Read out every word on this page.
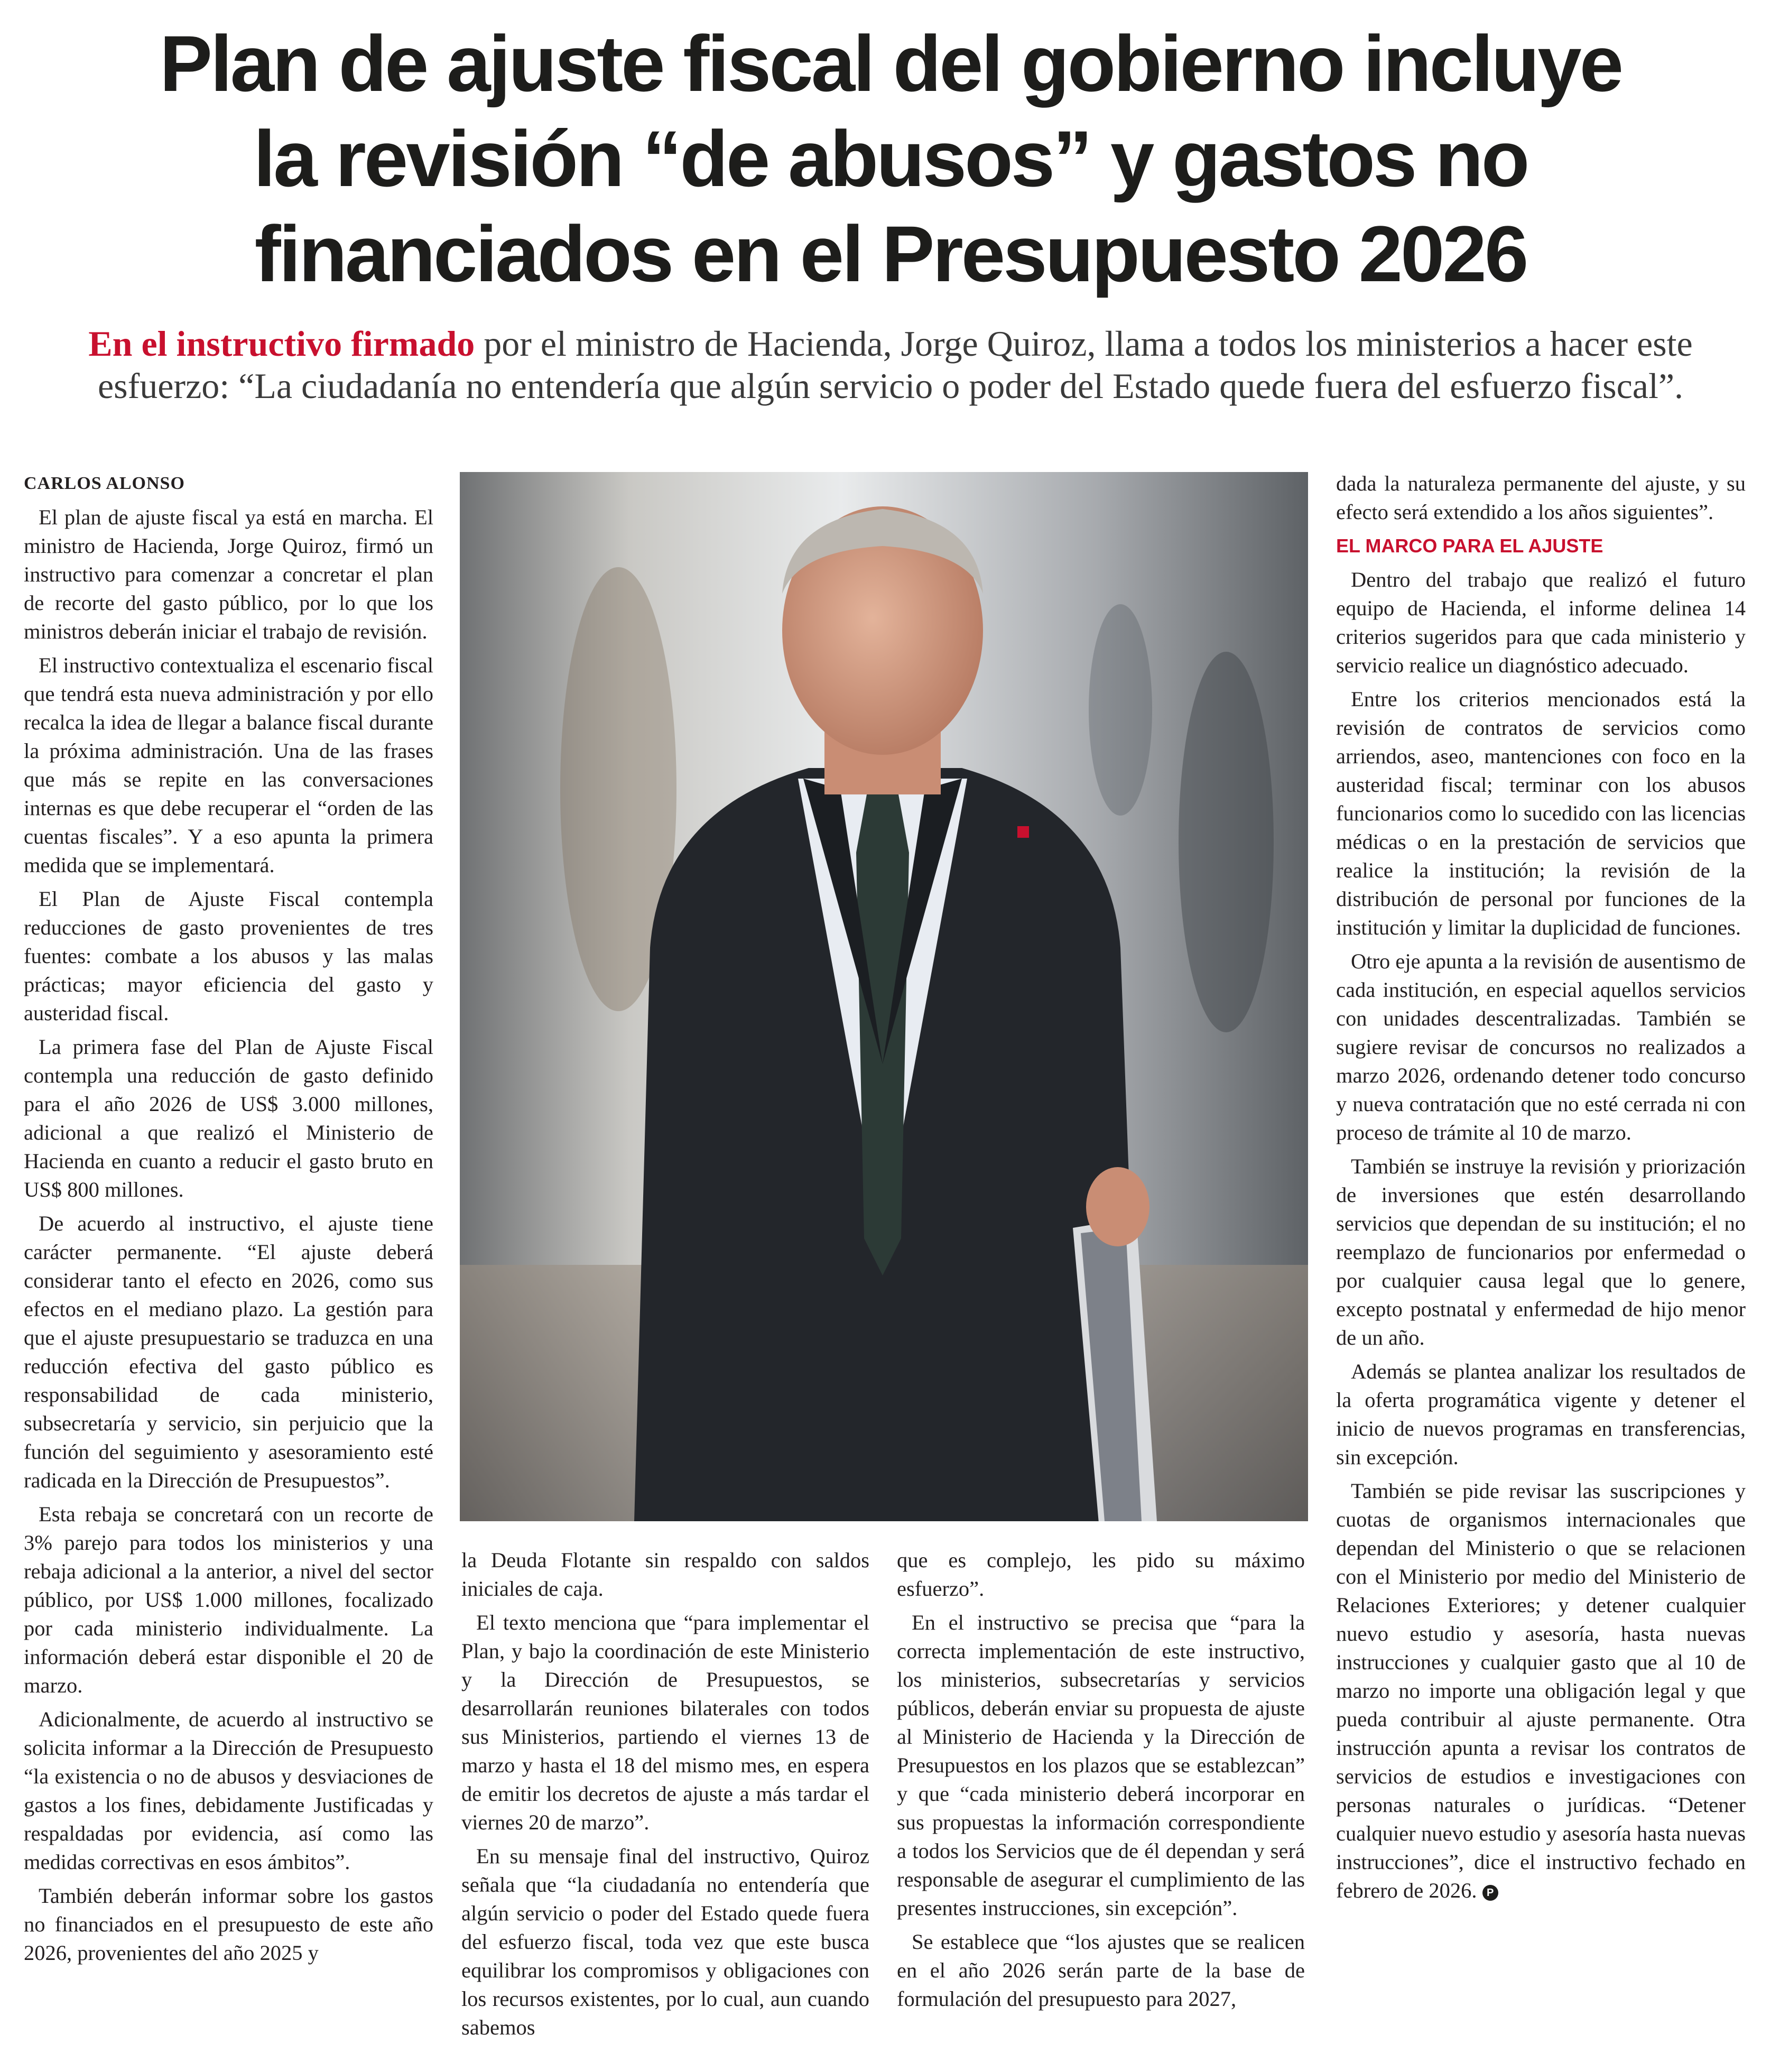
Plan de ajuste fiscal del gobierno incluye
la revisión “de abusos” y gastos no
financiados en el Presupuesto 2026

En el instructivo firmado por el ministro de Hacienda, Jorge Quiroz, llama a todos los ministerios a hacer este esfuerzo: “La ciudadanía no entendería que algún servicio o poder del Estado quede fuera del esfuerzo fiscal”.

CARLOS ALONSO

El plan de ajuste fiscal ya está en marcha. El ministro de Hacienda, Jorge Quiroz, firmó un instructivo para comenzar a concretar el plan de recorte del gasto público, por lo que los ministros deberán iniciar el trabajo de revisión.

El instructivo contextualiza el escenario fiscal que tendrá esta nueva administración y por ello recalca la idea de llegar a balance fiscal durante la próxima administración. Una de las frases que más se repite en las conversaciones internas es que debe recuperar el “orden de las cuentas fiscales”. Y a eso apunta la primera medida que se implementará.

El Plan de Ajuste Fiscal contempla reducciones de gasto provenientes de tres fuentes: combate a los abusos y las malas prácticas; mayor eficiencia del gasto y austeridad fiscal.

La primera fase del Plan de Ajuste Fiscal contempla una reducción de gasto definido para el año 2026 de US$ 3.000 millones, adicional a que realizó el Ministerio de Hacienda en cuanto a reducir el gasto bruto en US$ 800 millones.

De acuerdo al instructivo, el ajuste tiene carácter permanente. “El ajuste deberá considerar tanto el efecto en 2026, como sus efectos en el mediano plazo. La gestión para que el ajuste presupuestario se traduzca en una reducción efectiva del gasto público es responsabilidad de cada ministerio, subsecretaría y servicio, sin perjuicio que la función del seguimiento y asesoramiento esté radicada en la Dirección de Presupuestos”.

Esta rebaja se concretará con un recorte de 3% parejo para todos los ministerios y una rebaja adicional a la anterior, a nivel del sector público, por US$ 1.000 millones, focalizado por cada ministerio individualmente. La información deberá estar disponible el 20 de marzo.

Adicionalmente, de acuerdo al instructivo se solicita informar a la Dirección de Presupuesto “la existencia o no de abusos y desviaciones de gastos a los fines, debidamente Justificadas y respaldadas por evidencia, así como las medidas correctivas en esos ámbitos”.

También deberán informar sobre los gastos no financiados en el presupuesto de este año 2026, provenientes del año 2025 y

la Deuda Flotante sin respaldo con saldos iniciales de caja.

El texto menciona que “para implementar el Plan, y bajo la coordinación de este Ministerio y la Dirección de Presupuestos, se desarrollarán reuniones bilaterales con todos sus Ministerios, partiendo el viernes 13 de marzo y hasta el 18 del mismo mes, en espera de emitir los decretos de ajuste a más tardar el viernes 20 de marzo”.

En su mensaje final del instructivo, Quiroz señala que “la ciudadanía no entendería que algún servicio o poder del Estado quede fuera del esfuerzo fiscal, toda vez que este busca equilibrar los compromisos y obligaciones con los recursos existentes, por lo cual, aun cuando sabemos

que es complejo, les pido su máximo esfuerzo”.

En el instructivo se precisa que “para la correcta implementación de este instructivo, los ministerios, subsecretarías y servicios públicos, deberán enviar su propuesta de ajuste al Ministerio de Hacienda y la Dirección de Presupuestos en los plazos que se establezcan” y que “cada ministerio deberá incorporar en sus propuestas la información correspondiente a todos los Servicios que de él dependan y será responsable de asegurar el cumplimiento de las presentes instrucciones, sin excepción”.

Se establece que “los ajustes que se realicen en el año 2026 serán parte de la base de formulación del presupuesto para 2027,

dada la naturaleza permanente del ajuste, y su efecto será extendido a los años siguientes”.

EL MARCO PARA EL AJUSTE

Dentro del trabajo que realizó el futuro equipo de Hacienda, el informe delinea 14 criterios sugeridos para que cada ministerio y servicio realice un diagnóstico adecuado.

Entre los criterios mencionados está la revisión de contratos de servicios como arriendos, aseo, mantenciones con foco en la austeridad fiscal; terminar con los abusos funcionarios como lo sucedido con las licencias médicas o en la prestación de servicios que realice la institución; la revisión de la distribución de personal por funciones de la institución y limitar la duplicidad de funciones.

Otro eje apunta a la revisión de ausentismo de cada institución, en especial aquellos servicios con unidades descentralizadas. También se sugiere revisar de concursos no realizados a marzo 2026, ordenando detener todo concurso y nueva contratación que no esté cerrada ni con proceso de trámite al 10 de marzo.

También se instruye la revisión y priorización de inversiones que estén desarrollando servicios que dependan de su institución; el no reemplazo de funcionarios por enfermedad o por cualquier causa legal que lo genere, excepto postnatal y enfermedad de hijo menor de un año.

Además se plantea analizar los resultados de la oferta programática vigente y detener el inicio de nuevos programas en transferencias, sin excepción.

También se pide revisar las suscripciones y cuotas de organismos internacionales que dependan del Ministerio o que se relacionen con el Ministerio por medio del Ministerio de Relaciones Exteriores; y detener cualquier nuevo estudio y asesoría, hasta nuevas instrucciones y cualquier gasto que al 10 de marzo no importe una obligación legal y que pueda contribuir al ajuste permanente. Otra instrucción apunta a revisar los contratos de servicios de estudios e investigaciones con personas naturales o jurídicas. “Detener cualquier nuevo estudio y asesoría hasta nuevas instrucciones”, dice el instructivo fechado en febrero de 2026. P
